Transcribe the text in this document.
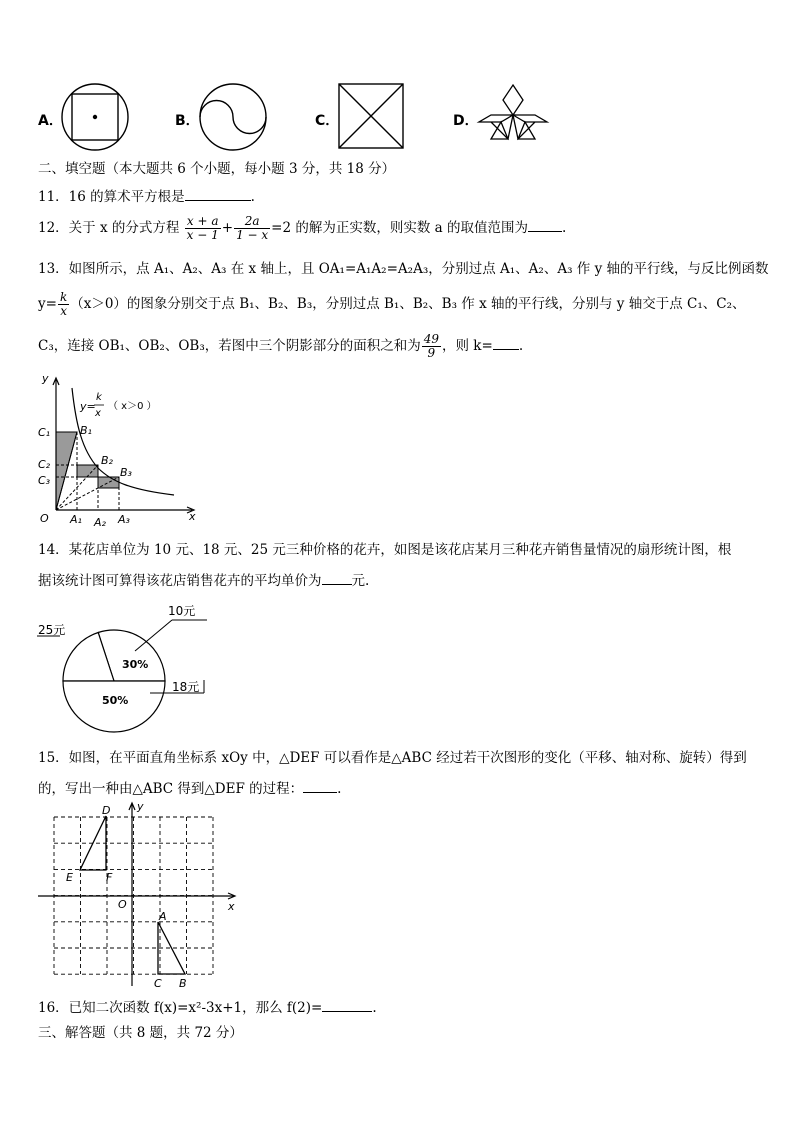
A．	B．	C．	D．
二、填空题（本大题共 6 个小题，每小题 3 分，共 18 分）
11．16 的算术平方根是	.
12．关于 x 的分式方程 $\frac{x + a}{x - 1} + \frac{2a}{1 - x} =2$ 的解为正实数，则实数 a 的取值范围为	.
13．如图所示，点 A₁、A₂、A₃ 在 x 轴上，且 OA₁=A₁A₂=A₂A₃，分别过点 A₁、A₂、A₃ 作 y 轴的平行线，与反比例函数
$y= \frac{k}{x} (x>0)$的图象分别交于点 B₁、B₂、B₃，分别过点 B₁、B₂、B₃ 作 x 轴的平行线，分别与 y 轴交于点 C₁、C₂、
C₃，连接 OB₁、OB₂、OB₃，若图中三个阴影部分的面积之和为 $\frac{49}{9}$ ，则 k= .
y
x
O
y=
k
x
（ x＞0 ）
C₁
C₂
C₃
B₁
B₂
B₃
A₁ A₂ A₃
14．某花店单位为 10 元、18 元、25 元三种价格的花卉，如图是该花店某月三种花卉销售量情况的扇形统计图，根
据该统计图可算得该花店销售花卉的平均单价为 元.
10元
25元
18元
30%
50%
15．如图，在平面直角坐标系 xOy 中，△DEF 可以看作是△ABC 经过若干次图形的变化（平移、轴对称、旋转）得到
的，写出一种由△ABC 得到△DEF 的过程：	.
y
x
O
D
E	F
A
B
C
16．已知二次函数 f(x)=x²-3x+1，那么 f(2)=	.
三、解答题（共 8 题，共 72 分）
